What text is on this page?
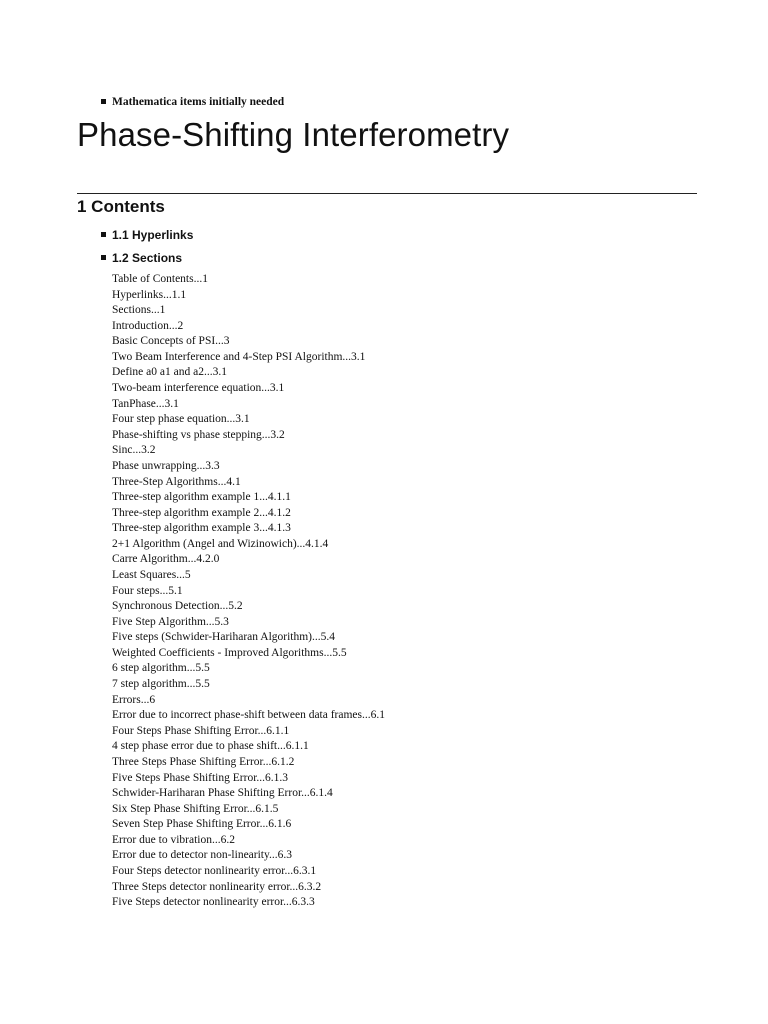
Mathematica items initially needed
Phase-Shifting Interferometry
1 Contents
1.1 Hyperlinks
1.2 Sections
Table of Contents...1
Hyperlinks...1.1
Sections...1
Introduction...2
Basic Concepts of PSI...3
Two Beam Interference and 4-Step PSI Algorithm...3.1
Define a0 a1 and a2...3.1
Two-beam interference equation...3.1
TanPhase...3.1
Four step phase equation...3.1
Phase-shifting vs phase stepping...3.2
Sinc...3.2
Phase unwrapping...3.3
Three-Step Algorithms...4.1
Three-step algorithm example 1...4.1.1
Three-step algorithm example 2...4.1.2
Three-step algorithm example 3...4.1.3
2+1 Algorithm (Angel and Wizinowich)...4.1.4
Carre Algorithm...4.2.0
Least Squares...5
Four steps...5.1
Synchronous Detection...5.2
Five Step Algorithm...5.3
Five steps (Schwider-Hariharan Algorithm)...5.4
Weighted Coefficients - Improved Algorithms...5.5
6 step algorithm...5.5
7 step algorithm...5.5
Errors...6
Error due to incorrect phase-shift between data frames...6.1
Four Steps Phase Shifting Error...6.1.1
4 step phase error due to phase shift...6.1.1
Three Steps Phase Shifting Error...6.1.2
Five Steps Phase Shifting Error...6.1.3
Schwider-Hariharan Phase Shifting Error...6.1.4
Six Step Phase Shifting Error...6.1.5
Seven Step Phase Shifting Error...6.1.6
Error due to vibration...6.2
Error due to detector non-linearity...6.3
Four Steps detector nonlinearity error...6.3.1
Three Steps detector nonlinearity error...6.3.2
Five Steps detector nonlinearity error...6.3.3
